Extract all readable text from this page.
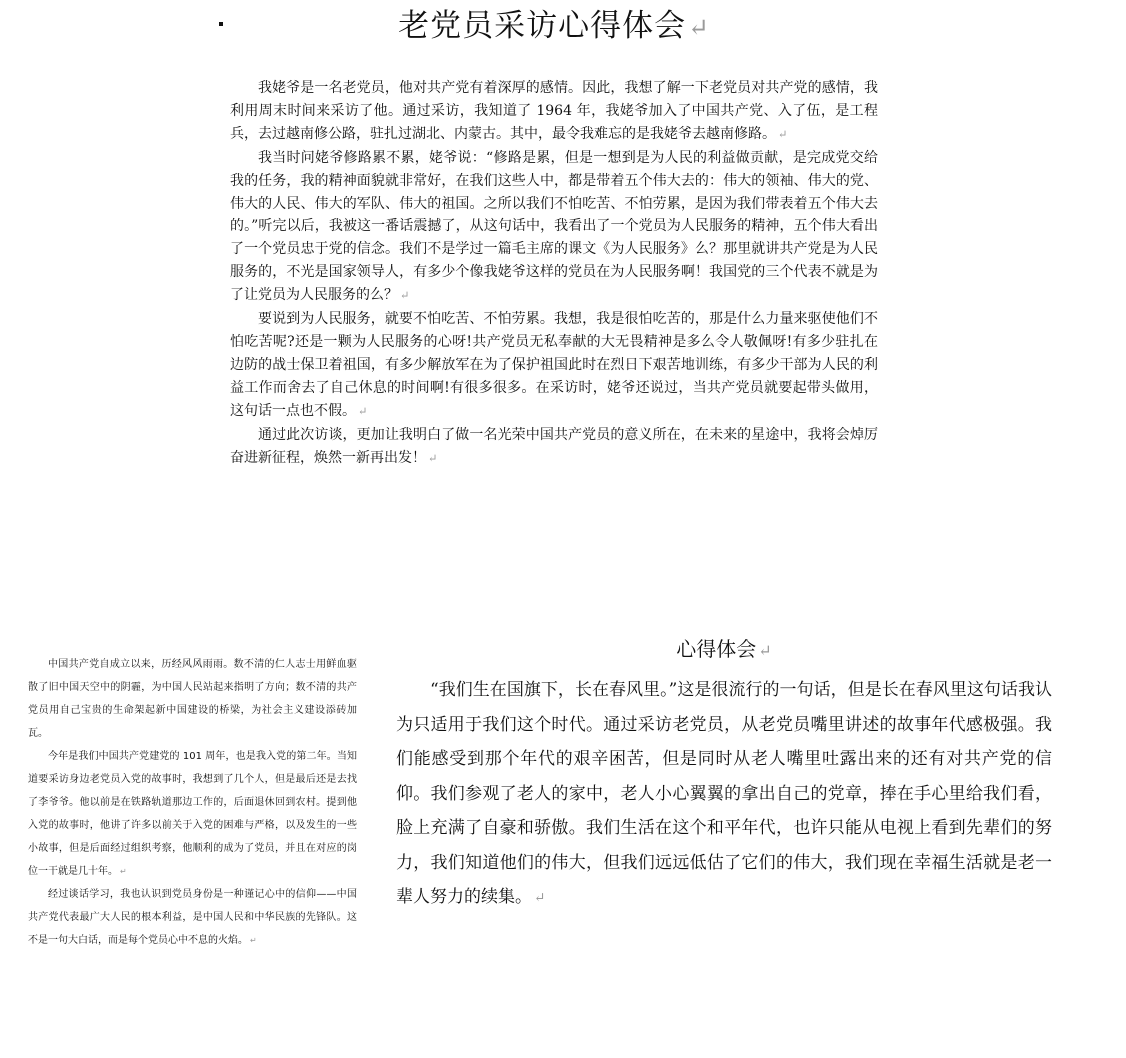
老党员采访心得体会↵

我姥爷是一名老党员，他对共产党有着深厚的感情。因此，我想了解一下老党员对共产党的感情，我利用周末时间来采访了他。通过采访，我知道了 1964 年，我姥爷加入了中国共产党、入了伍，是工程兵，去过越南修公路，驻扎过湖北、内蒙古。其中，最令我难忘的是我姥爷去越南修路。 ↵

我当时问姥爷修路累不累，姥爷说：“修路是累，但是一想到是为人民的利益做贡献，是完成党交给我的任务，我的精神面貌就非常好，在我们这些人中，都是带着五个伟大去的：伟大的领袖、伟大的党、伟大的人民、伟大的军队、伟大的祖国。之所以我们不怕吃苦、不怕劳累，是因为我们带表着五个伟大去的。”听完以后，我被这一番话震撼了，从这句话中，我看出了一个党员为人民服务的精神，五个伟大看出了一个党员忠于党的信念。我们不是学过一篇毛主席的课文《为人民服务》么？那里就讲共产党是为人民服务的，不光是国家领导人，有多少个像我姥爷这样的党员在为人民服务啊！我国党的三个代表不就是为了让党员为人民服务的么？ ↵

要说到为人民服务，就要不怕吃苦、不怕劳累。我想，我是很怕吃苦的，那是什么力量来驱使他们不怕吃苦呢?还是一颗为人民服务的心呀!共产党员无私奉献的大无畏精神是多么令人敬佩呀!有多少驻扎在边防的战士保卫着祖国，有多少解放军在为了保护祖国此时在烈日下艰苦地训练，有多少干部为人民的利益工作而舍去了自己休息的时间啊!有很多很多。在采访时，姥爷还说过，当共产党员就要起带头做用，这句话一点也不假。 ↵

通过此次访谈，更加让我明白了做一名光荣中国共产党员的意义所在，在未来的星途中，我将会焯厉奋进新征程，焕然一新再出发！ ↵

中国共产党自成立以来，历经风风雨雨。数不清的仁人志士用鲜血驱散了旧中国天空中的阴霾，为中国人民站起来指明了方向；数不清的共产党员用自己宝贵的生命架起新中国建设的桥梁，为社会主义建设添砖加瓦。

今年是我们中国共产党建党的 101 周年，也是我入党的第二年。当知道要采访身边老党员入党的故事时，我想到了几个人，但是最后还是去找了李爷爷。他以前是在铁路轨道那边工作的，后面退休回到农村。提到他入党的故事时，他讲了许多以前关于入党的困难与严格，以及发生的一些小故事，但是后面经过组织考察，他顺利的成为了党员，并且在对应的岗位一干就是几十年。 ↵

经过谈话学习，我也认识到党员身份是一种谨记心中的信仰——中国共产党代表最广大人民的根本利益，是中国人民和中华民族的先锋队。这不是一句大白话，而是每个党员心中不息的火焰。 ↵

心得体会 ↵

“我们生在国旗下，长在春风里。”这是很流行的一句话，但是长在春风里这句话我认为只适用于我们这个时代。通过采访老党员，从老党员嘴里讲述的故事年代感极强。我们能感受到那个年代的艰辛困苦，但是同时从老人嘴里吐露出来的还有对共产党的信仰。我们参观了老人的家中，老人小心翼翼的拿出自己的党章，捧在手心里给我们看，脸上充满了自豪和骄傲。我们生活在这个和平年代，也许只能从电视上看到先辈们的努力，我们知道他们的伟大，但我们远远低估了它们的伟大，我们现在幸福生活就是老一辈人努力的续集。 ↵
